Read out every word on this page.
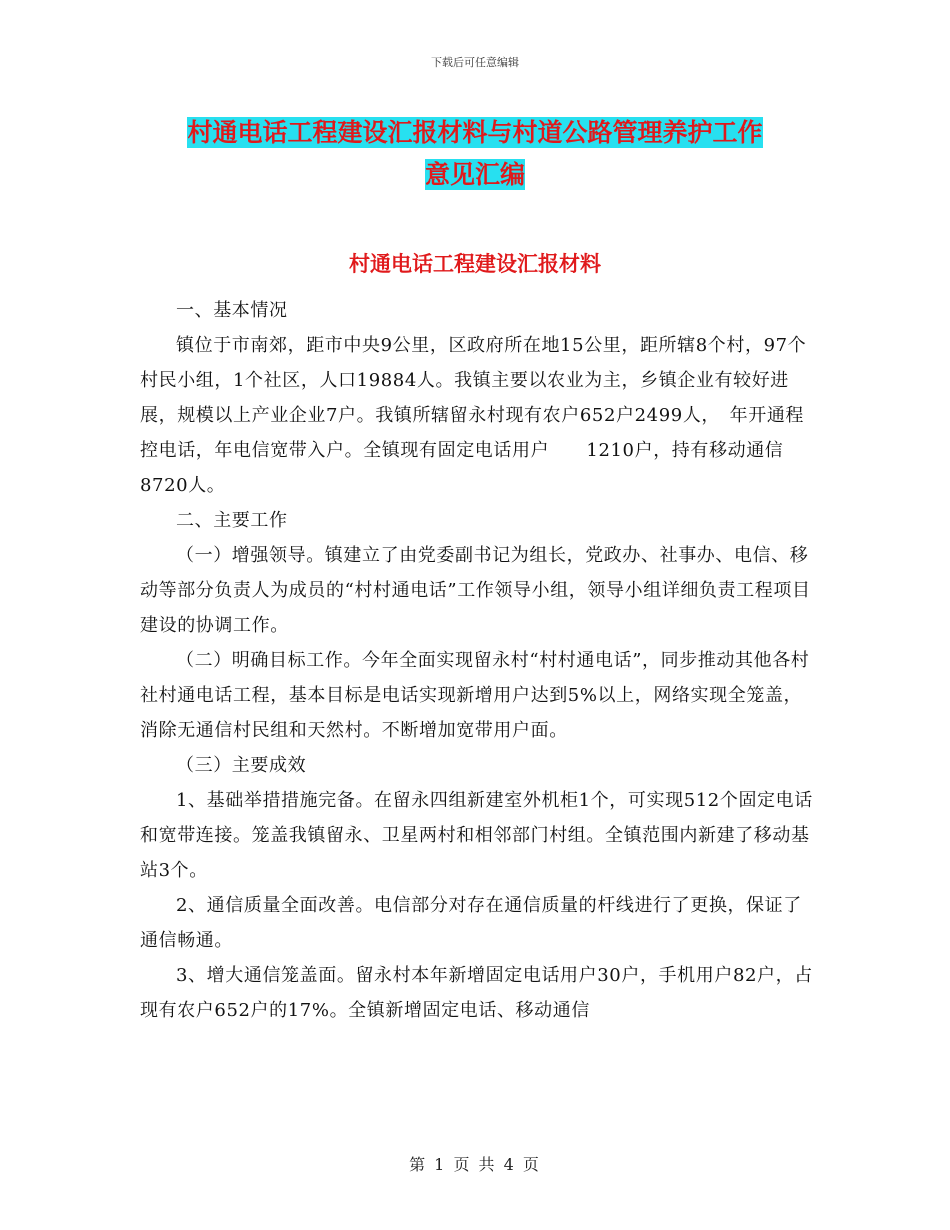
下载后可任意编辑
村通电话工程建设汇报材料与村道公路管理养护工作
意见汇编
村通电话工程建设汇报材料

一、基本情况

镇位于市南郊，距市中央9公里，区政府所在地15公里，距所辖8个村，97个村民小组，1个社区，人口19884人。我镇主要以农业为主，乡镇企业有较好进展，规模以上产业企业7户。我镇所辖留永村现有农户652户2499人，　年开通程控电话，年电信宽带入户。全镇现有固定电话用户　　1210户，持有移动通信8720人。

二、主要工作

（一）增强领导。镇建立了由党委副书记为组长，党政办、社事办、电信、移动等部分负责人为成员的“村村通电话”工作领导小组，领导小组详细负责工程项目建设的协调工作。

（二）明确目标工作。今年全面实现留永村“村村通电话”，同步推动其他各村社村通电话工程，基本目标是电话实现新增用户达到5%以上，网络实现全笼盖，消除无通信村民组和天然村。不断增加宽带用户面。

（三）主要成效

1、基础举措措施完备。在留永四组新建室外机柜1个，可实现512个固定电话和宽带连接。笼盖我镇留永、卫星两村和相邻部门村组。全镇范围内新建了移动基站3个。

2、通信质量全面改善。电信部分对存在通信质量的杆线进行了更换，保证了通信畅通。

3、增大通信笼盖面。留永村本年新增固定电话用户30户，手机用户82户，占现有农户652户的17%。全镇新增固定电话、移动通信

第 1 页 共 4 页
